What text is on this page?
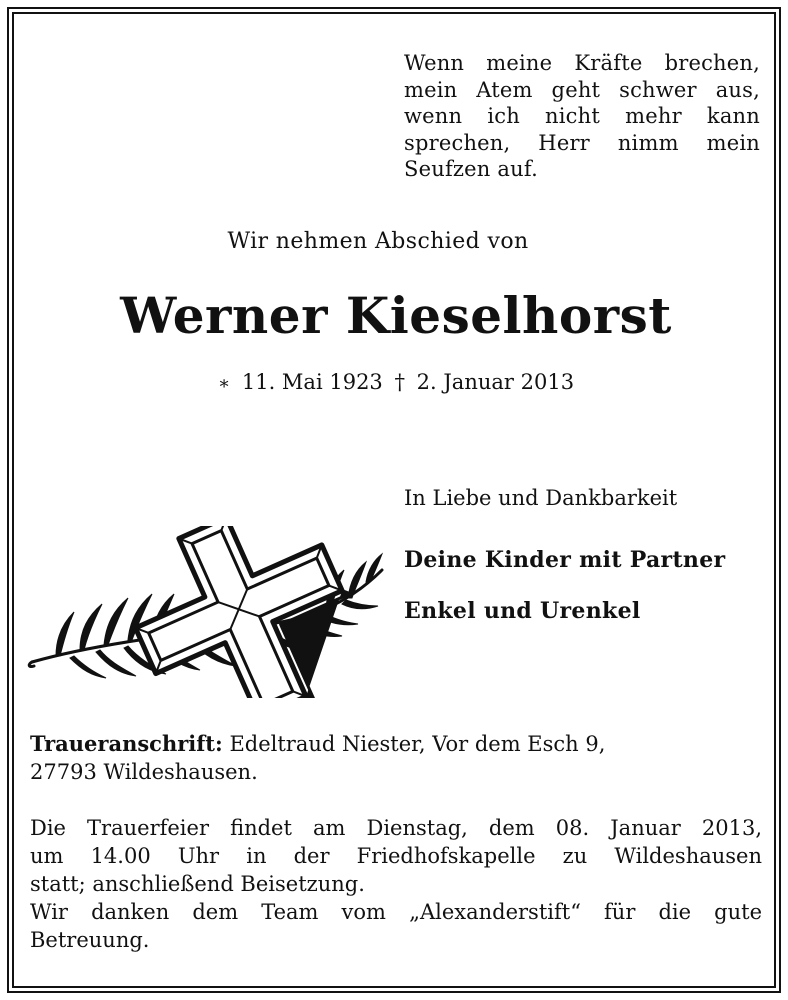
Wenn meine Kräfte brechen,
mein Atem geht schwer aus,
wenn ich nicht mehr kann
sprechen, Herr nimm mein
Seufzen auf.
Wir nehmen Abschied von
Werner Kieselhorst
∗ 11. Mai 1923 † 2. Januar 2013
In Liebe und Dankbarkeit
Deine Kinder mit Partner
Enkel und Urenkel
Traueranschrift: Edeltraud Niester, Vor dem Esch 9,
27793 Wildeshausen.
Die Trauerfeier findet am Dienstag, dem 08. Januar 2013,
um 14.00 Uhr in der Friedhofskapelle zu Wildeshausen
statt; anschließend Beisetzung.
Wir danken dem Team vom „Alexanderstift“ für die gute
Betreuung.
